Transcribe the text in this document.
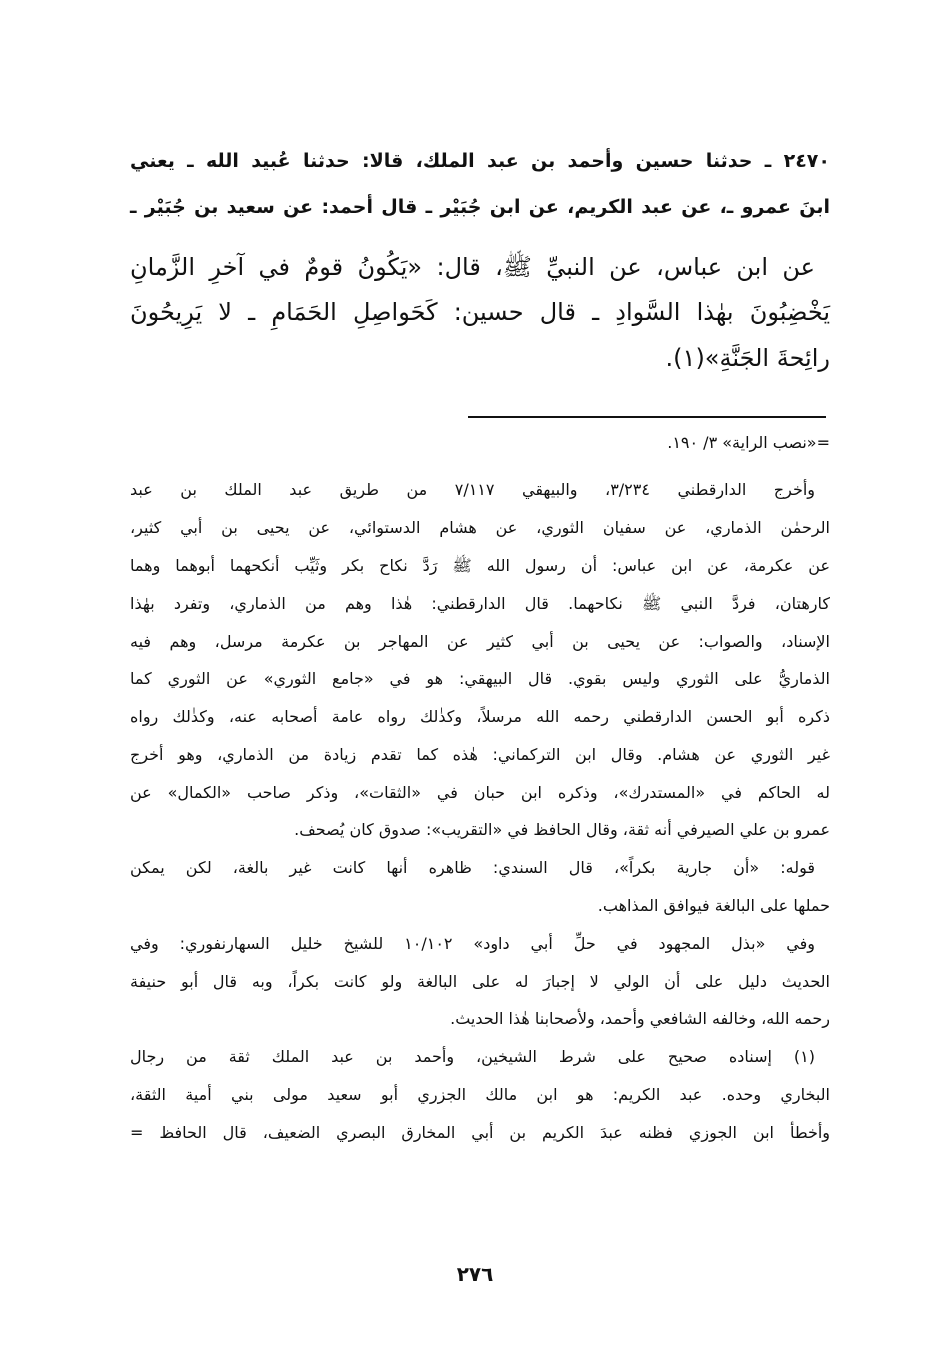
٢٤٧٠ ـ حدثنا حسين وأحمد بن عبد الملك، قالا: حدثنا عُبيد الله ـ يعني
ابنَ عمرو ـ، عن عبد الكريم، عن ابن جُبَيْر ـ قال أحمد: عن سعيد بن جُبَيْر ـ
عن ابن عباس، عن النبيِّ ﷺ، قال: «يَكُونُ قومٌ في آخرِ الزَّمانِ
يَخْضِبُونَ بهٰذا السَّوادِ ـ قال حسين: كَحَواصِلِ الحَمَامِ ـ لا يَرِيحُونَ
رائِحةَ الجَنَّةِ»(١).
=«نصب الراية» ٣/ ١٩٠.
وأخرج الدارقطني ٣/٢٣٤، والبيهقي ٧/١١٧ من طريق عبد الملك بن عبد
الرحمٰن الذماري، عن سفيان الثوري، عن هشام الدستوائي، عن يحيى بن أبي كثير،
عن عكرمة، عن ابن عباس: أن رسول الله ﷺ رَدَّ نكاح بكر وثَيِّب أنكحهما أبوهما وهما
كارهتان، فردَّ النبي ﷺ نكاحهما. قال الدارقطني: هٰذا وهم من الذماري، وتفرد بهٰذا
الإسناد، والصواب: عن يحيى بن أبي كثير عن المهاجر بن عكرمة مرسل، وهم فيه
الذماريُّ على الثوري وليس بقوي. قال البيهقي: هو في «جامع الثوري» عن الثوري كما
ذكره أبو الحسن الدارقطني رحمه الله مرسلاً، وكذٰلك رواه عامة أصحابه عنه، وكذٰلك رواه
غير الثوري عن هشام. وقال ابن التركماني: هٰذه كما تقدم زيادة من الذماري، وهو أخرج
له الحاكم في «المستدرك»، وذكره ابن حبان في «الثقات»، وذكر صاحب «الكمال» عن
عمرو بن علي الصيرفي أنه ثقة، وقال الحافظ في «التقريب»: صدوق كان يُصحف.
قوله: «أن جارية بكراً»، قال السندي: ظاهره أنها كانت غير بالغة، لكن يمكن
حملها على البالغة فيوافق المذاهب.
وفي «بذل المجهود في حلِّ أبي داود» ١٠/١٠٢ للشيخ خليل السهارنفوري: وفي
الحديث دليل على أن الولي لا إجبارَ له على البالغة ولو كانت بكراً، وبه قال أبو حنيفة
رحمه الله، وخالفه الشافعي وأحمد، ولأصحابنا هٰذا الحديث.
(١) إسناده صحيح على شرط الشيخين، وأحمد بن عبد الملك ثقة من رجال
البخاري وحده. عبد الكريم: هو ابن مالك الجزري أبو سعيد مولى بني أمية الثقة،
وأخطأ ابن الجوزي فظنه عبدَ الكريم بن أبي المخارق البصري الضعيف، قال الحافظ =
٢٧٦
